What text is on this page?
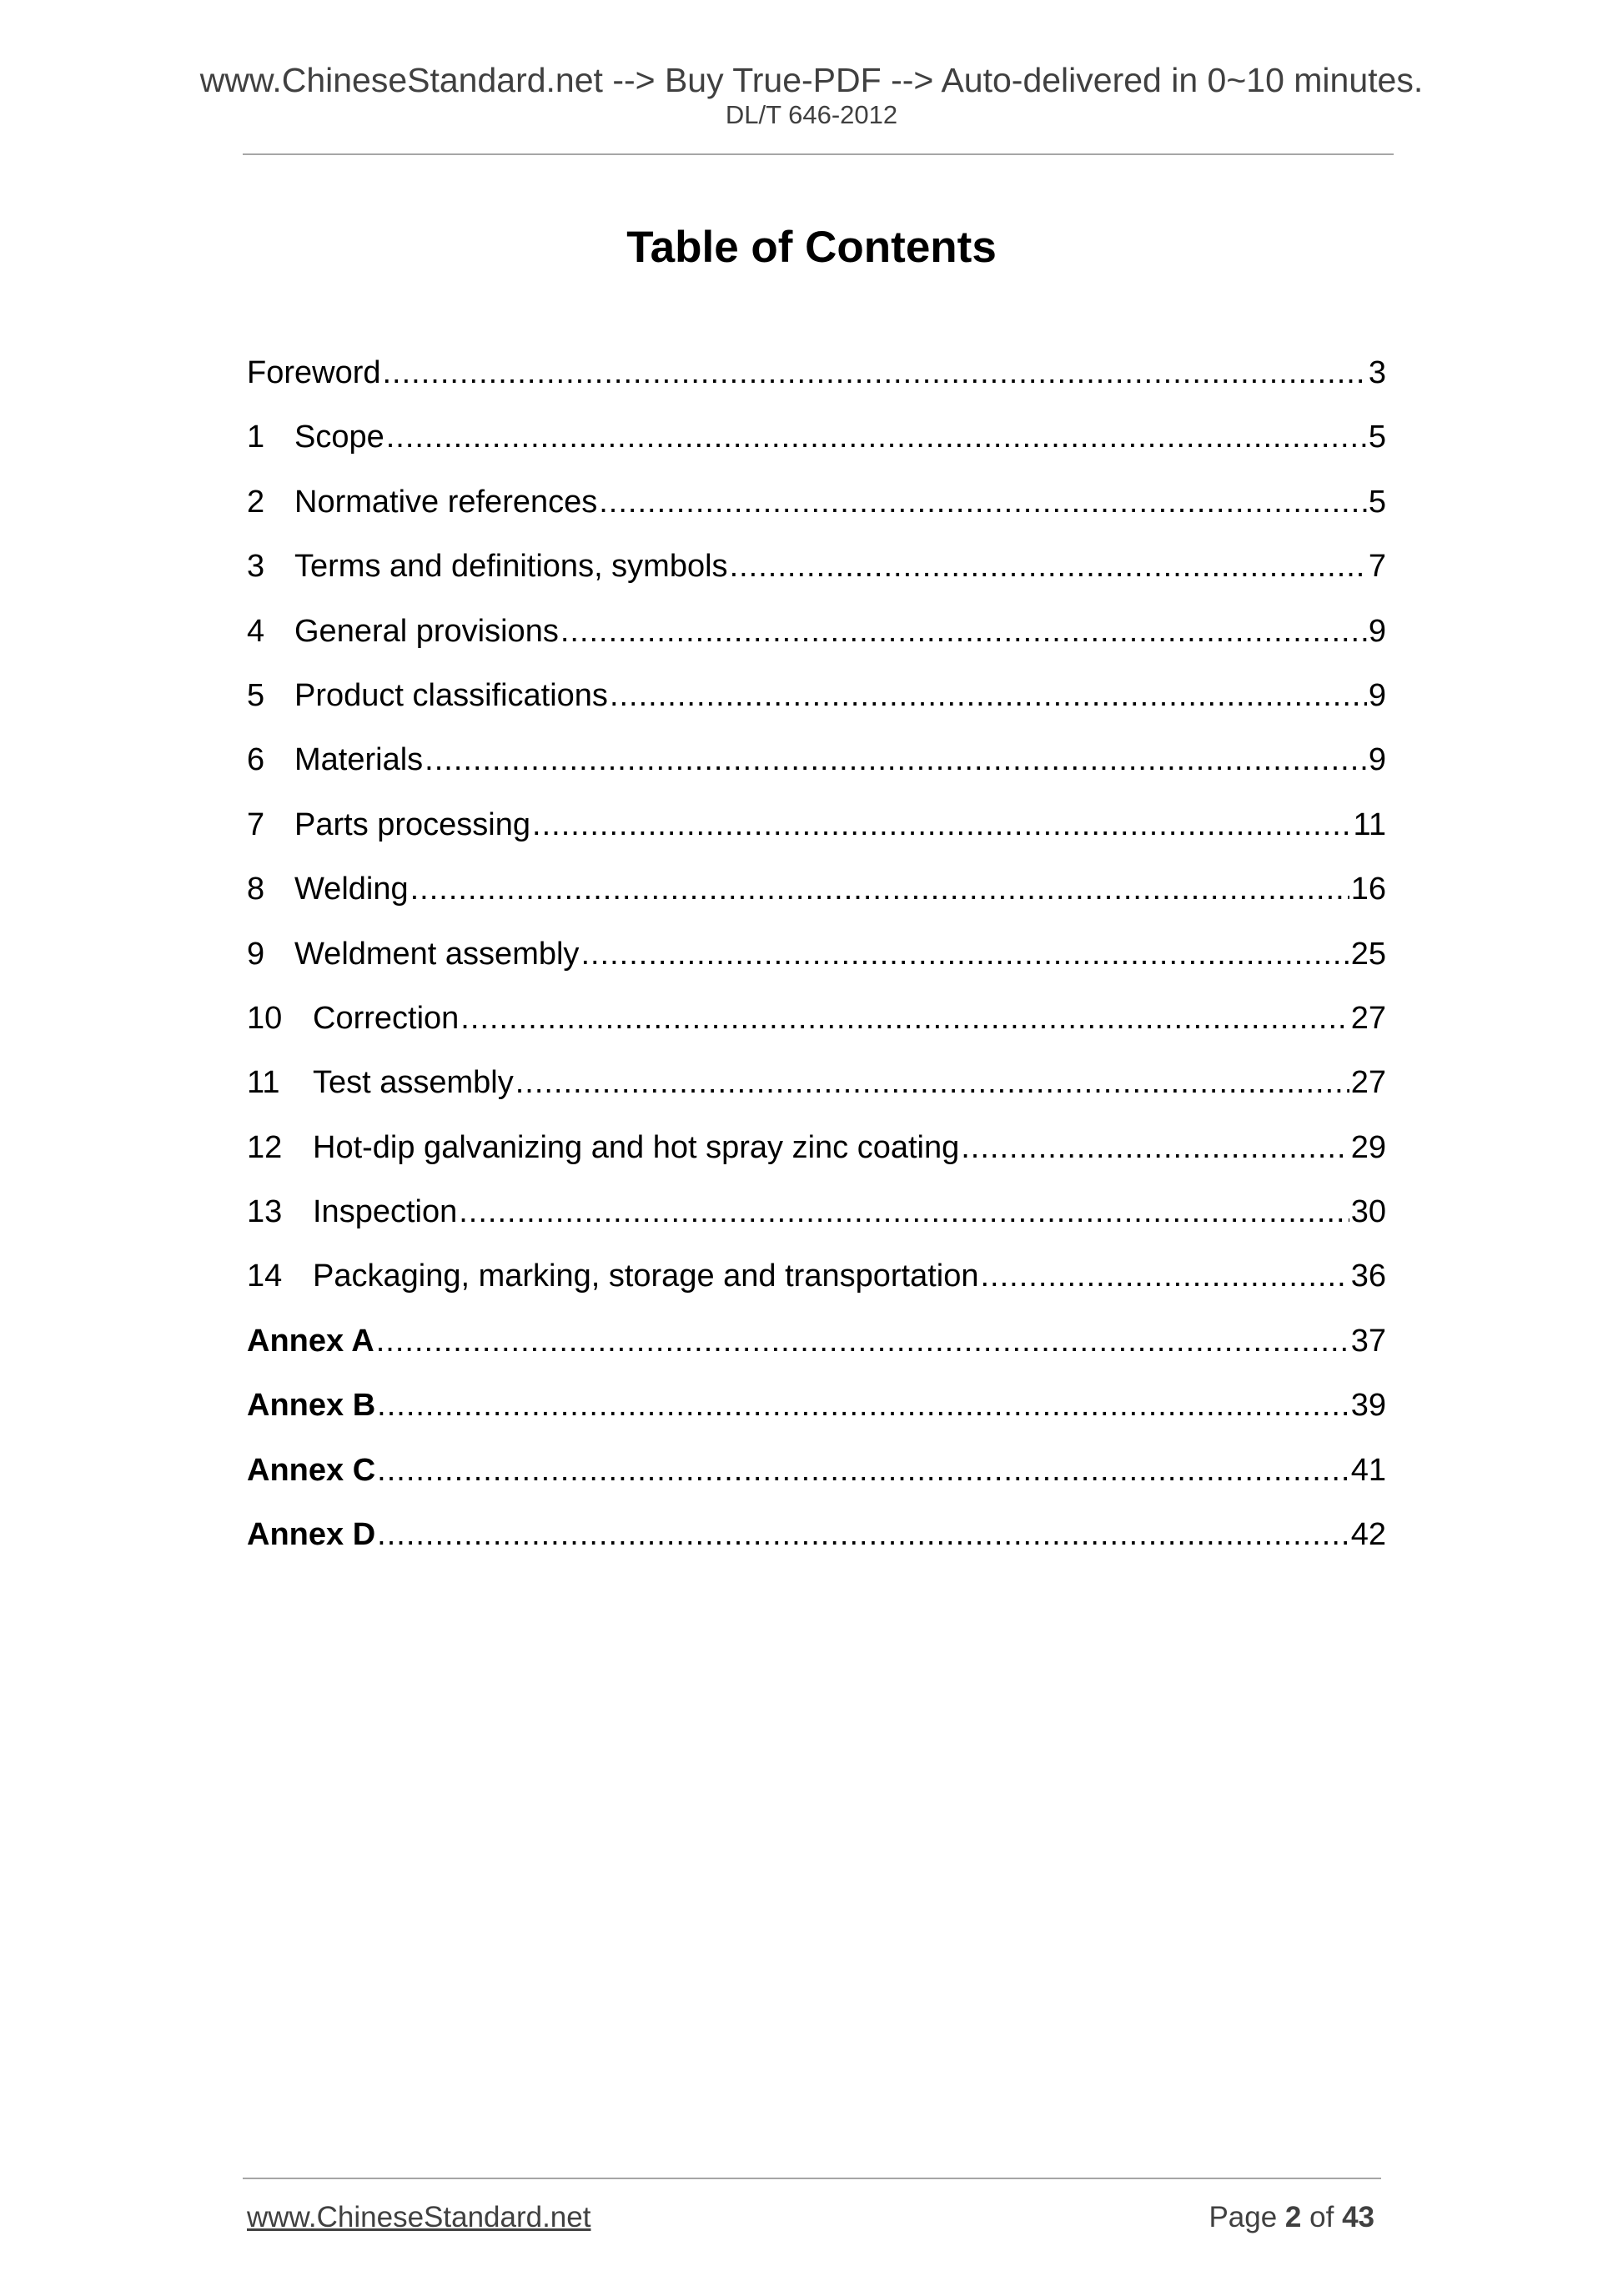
www.ChineseStandard.net --> Buy True-PDF --> Auto-delivered in 0~10 minutes.
DL/T 646-2012
Table of Contents
Foreword .....	3
1 Scope .....	5
2 Normative references .....	5
3 Terms and definitions, symbols .....	7
4 General provisions .....	9
5 Product classifications .....	9
6 Materials .....	9
7 Parts processing .....	11
8 Welding .....	16
9 Weldment assembly .....	25
10 Correction .....	27
11	Test assembly .....	27
12 Hot-dip galvanizing and hot spray zinc coating .....	29
13 Inspection .....	30
14 Packaging, marking, storage and transportation .....	36
Annex A .....	37
Annex B .....	39
Annex C .....	41
Annex D .....	42
www.ChineseStandard.net	Page 2 of 43
